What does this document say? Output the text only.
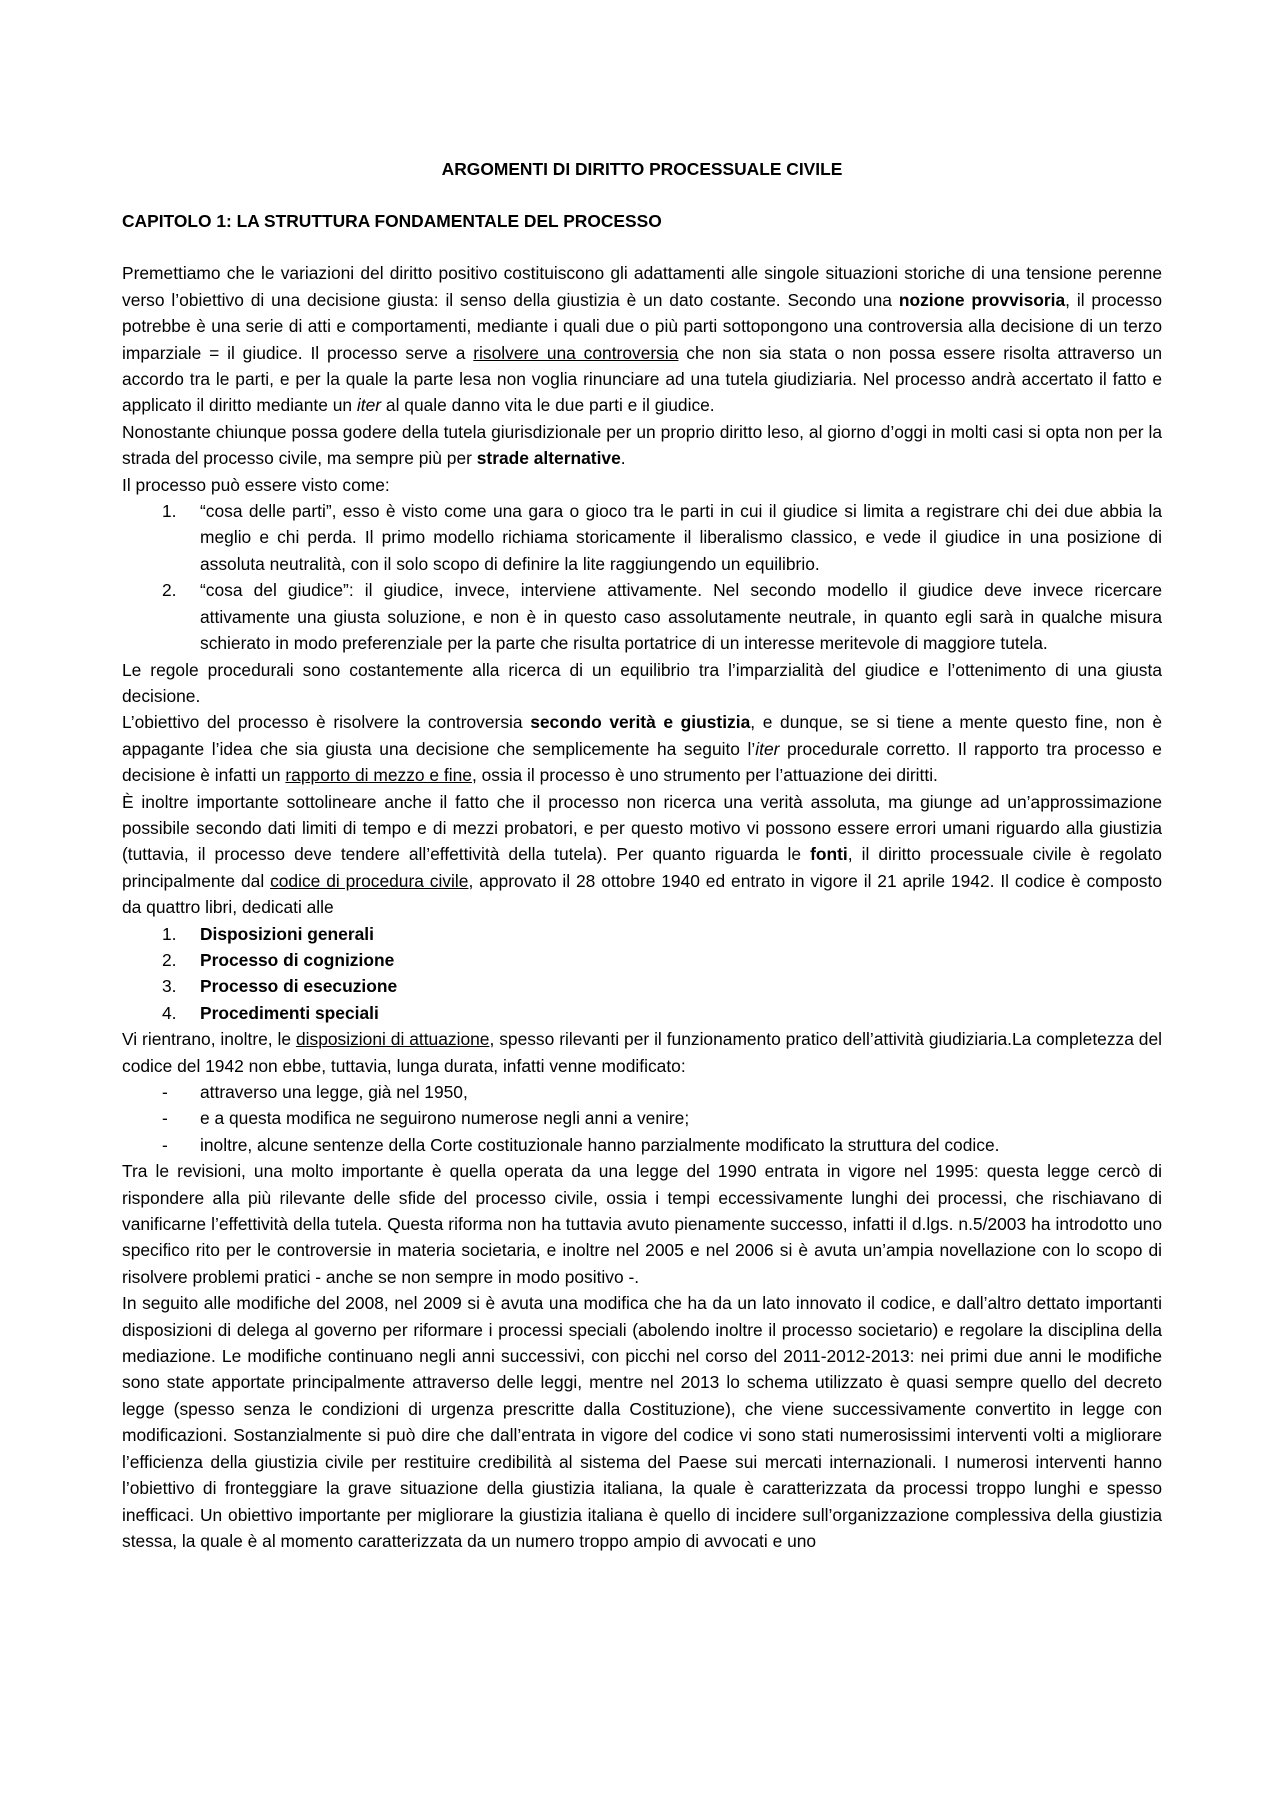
ARGOMENTI DI DIRITTO PROCESSUALE CIVILE
CAPITOLO 1: LA STRUTTURA FONDAMENTALE DEL PROCESSO

Premettiamo che le variazioni del diritto positivo costituiscono gli adattamenti alle singole situazioni storiche di una tensione perenne verso l’obiettivo di una decisione giusta: il senso della giustizia è un dato costante. Secondo una nozione provvisoria, il processo potrebbe è una serie di atti e comportamenti, mediante i quali due o più parti sottopongono una controversia alla decisione di un terzo imparziale = il giudice. Il processo serve a risolvere una controversia che non sia stata o non possa essere risolta attraverso un accordo tra le parti, e per la quale la parte lesa non voglia rinunciare ad una tutela giudiziaria. Nel processo andrà accertato il fatto e applicato il diritto mediante un iter al quale danno vita le due parti e il giudice.

Nonostante chiunque possa godere della tutela giurisdizionale per un proprio diritto leso, al giorno d’oggi in molti casi si opta non per la strada del processo civile, ma sempre più per strade alternative.

Il processo può essere visto come:

1. “cosa delle parti”, esso è visto come una gara o gioco tra le parti in cui il giudice si limita a registrare chi dei due abbia la meglio e chi perda. Il primo modello richiama storicamente il liberalismo classico, e vede il giudice in una posizione di assoluta neutralità, con il solo scopo di definire la lite raggiungendo un equilibrio.
2. “cosa del giudice”: il giudice, invece, interviene attivamente. Nel secondo modello il giudice deve invece ricercare attivamente una giusta soluzione, e non è in questo caso assolutamente neutrale, in quanto egli sarà in qualche misura schierato in modo preferenziale per la parte che risulta portatrice di un interesse meritevole di maggiore tutela.

Le regole procedurali sono costantemente alla ricerca di un equilibrio tra l’imparzialità del giudice e l’ottenimento di una giusta decisione.

L’obiettivo del processo è risolvere la controversia secondo verità e giustizia, e dunque, se si tiene a mente questo fine, non è appagante l’idea che sia giusta una decisione che semplicemente ha seguito l’iter procedurale corretto. Il rapporto tra processo e decisione è infatti un rapporto di mezzo e fine, ossia il processo è uno strumento per l’attuazione dei diritti.

È inoltre importante sottolineare anche il fatto che il processo non ricerca una verità assoluta, ma giunge ad un’approssimazione possibile secondo dati limiti di tempo e di mezzi probatori, e per questo motivo vi possono essere errori umani riguardo alla giustizia (tuttavia, il processo deve tendere all’effettività della tutela). Per quanto riguarda le fonti, il diritto processuale civile è regolato principalmente dal codice di procedura civile, approvato il 28 ottobre 1940 ed entrato in vigore il 21 aprile 1942. Il codice è composto da quattro libri, dedicati alle

1. Disposizioni generali
2. Processo di cognizione
3. Processo di esecuzione
4. Procedimenti speciali

Vi rientrano, inoltre, le disposizioni di attuazione, spesso rilevanti per il funzionamento pratico dell’attività giudiziaria.La completezza del codice del 1942 non ebbe, tuttavia, lunga durata, infatti venne modificato:

- attraverso una legge, già nel 1950,
- e a questa modifica ne seguirono numerose negli anni a venire;
- inoltre, alcune sentenze della Corte costituzionale hanno parzialmente modificato la struttura del codice.

Tra le revisioni, una molto importante è quella operata da una legge del 1990 entrata in vigore nel 1995: questa legge cercò di rispondere alla più rilevante delle sfide del processo civile, ossia i tempi eccessivamente lunghi dei processi, che rischiavano di vanificarne l’effettività della tutela. Questa riforma non ha tuttavia avuto pienamente successo, infatti il d.lgs. n.5/2003 ha introdotto uno specifico rito per le controversie in materia societaria, e inoltre nel 2005 e nel 2006 si è avuta un’ampia novellazione con lo scopo di risolvere problemi pratici - anche se non sempre in modo positivo -.

In seguito alle modifiche del 2008, nel 2009 si è avuta una modifica che ha da un lato innovato il codice, e dall’altro dettato importanti disposizioni di delega al governo per riformare i processi speciali (abolendo inoltre il processo societario) e regolare la disciplina della mediazione. Le modifiche continuano negli anni successivi, con picchi nel corso del 2011-2012-2013: nei primi due anni le modifiche sono state apportate principalmente attraverso delle leggi, mentre nel 2013 lo schema utilizzato è quasi sempre quello del decreto legge (spesso senza le condizioni di urgenza prescritte dalla Costituzione), che viene successivamente convertito in legge con modificazioni. Sostanzialmente si può dire che dall’entrata in vigore del codice vi sono stati numerosissimi interventi volti a migliorare l’efficienza della giustizia civile per restituire credibilità al sistema del Paese sui mercati internazionali. I numerosi interventi hanno l’obiettivo di fronteggiare la grave situazione della giustizia italiana, la quale è caratterizzata da processi troppo lunghi e spesso inefficaci. Un obiettivo importante per migliorare la giustizia italiana è quello di incidere sull’organizzazione complessiva della giustizia stessa, la quale è al momento caratterizzata da un numero troppo ampio di avvocati e uno
